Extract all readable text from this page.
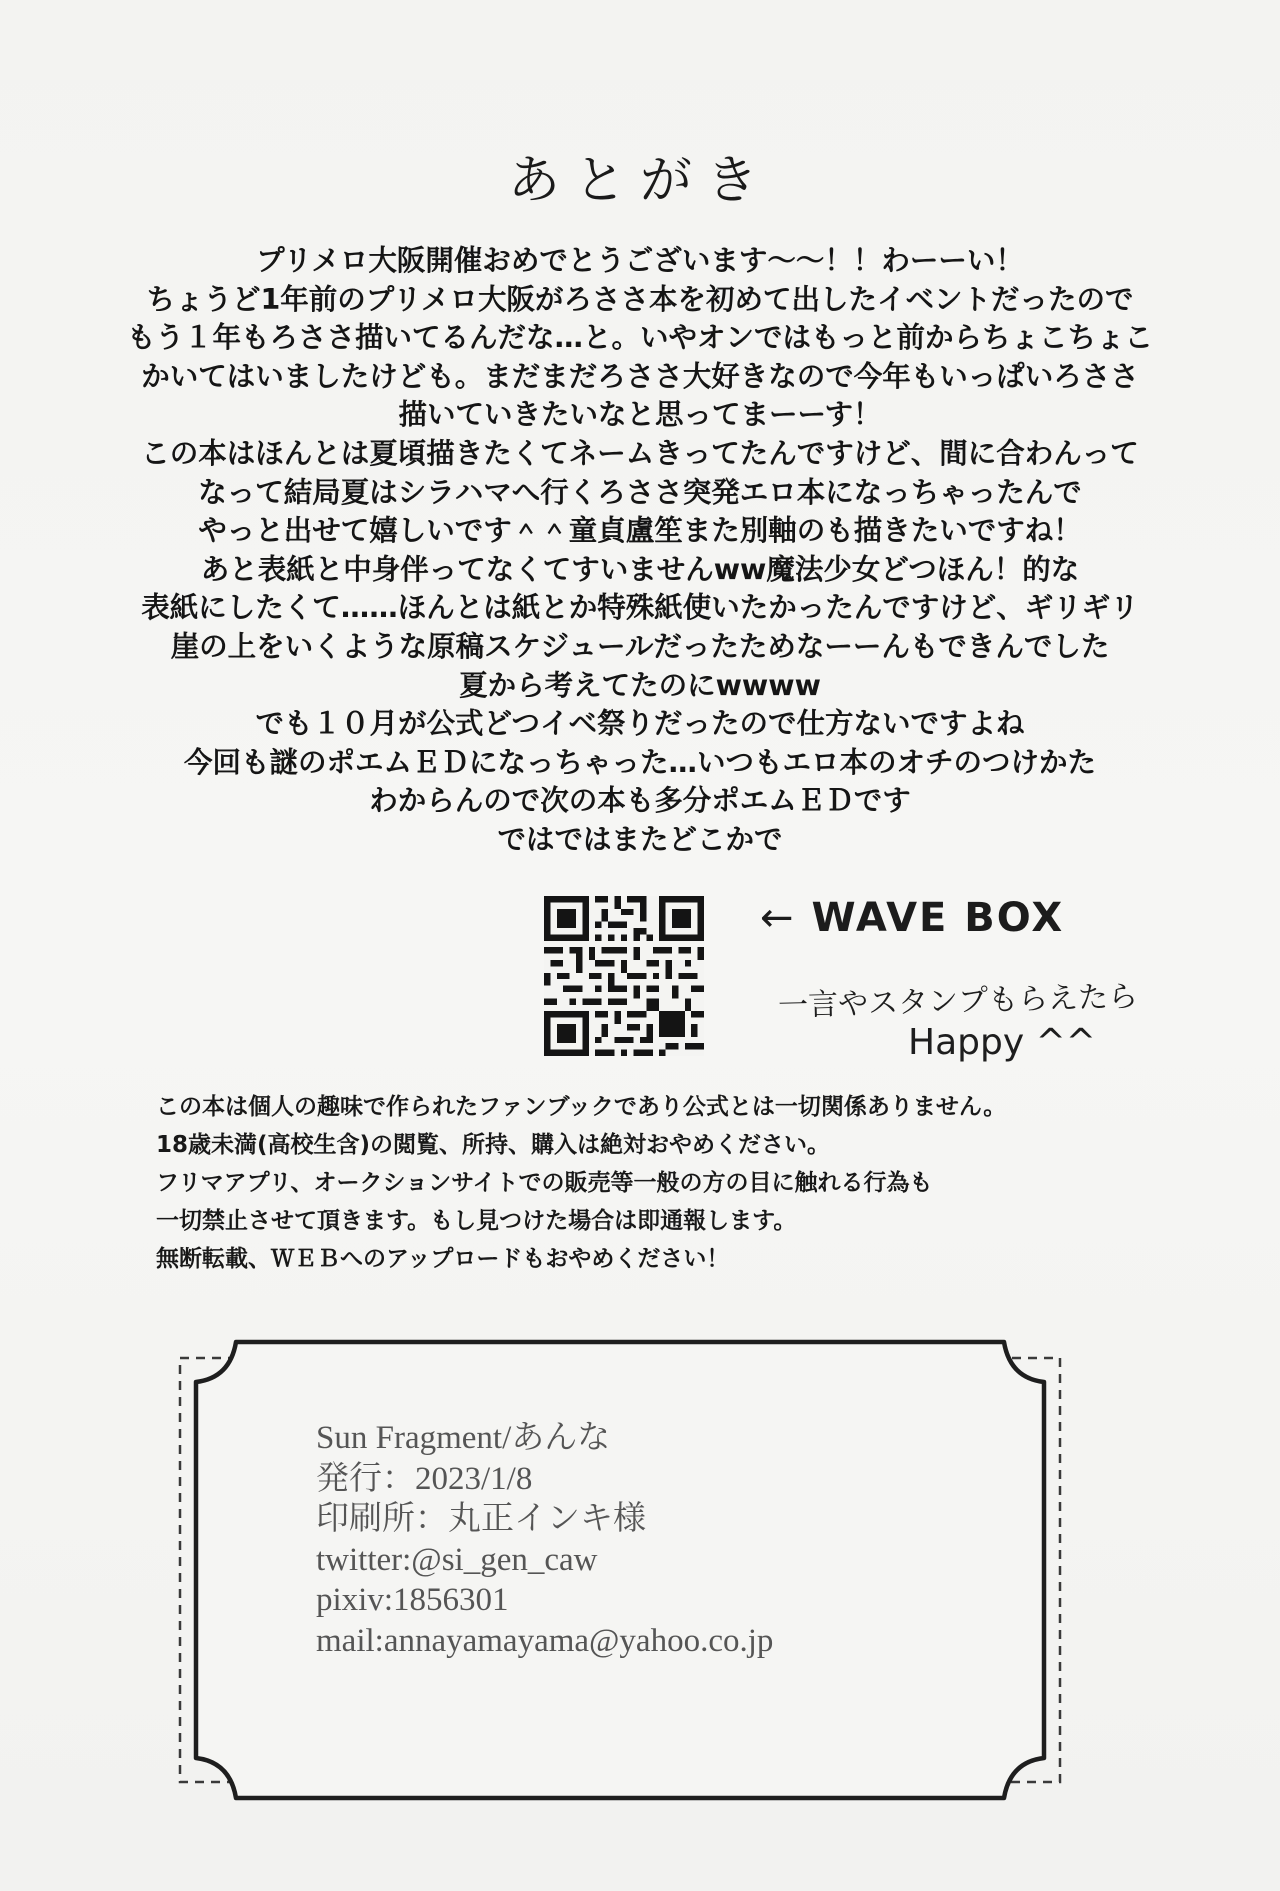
あとがき
プリメロ大阪開催おめでとうございます〜〜！！わーーい！
ちょうど1年前のプリメロ大阪がろささ本を初めて出したイベントだったので
もう１年もろささ描いてるんだな…と。いやオンではもっと前からちょこちょこ
かいてはいましたけども。まだまだろささ大好きなので今年もいっぱいろささ
描いていきたいなと思ってまーーす！
この本はほんとは夏頃描きたくてネームきってたんですけど、間に合わんって
なって結局夏はシラハマへ行くろささ突発エロ本になっちゃったんで
やっと出せて嬉しいです＾＾童貞盧笙また別軸のも描きたいですね！
あと表紙と中身伴ってなくてすいませんww魔法少女どつほん！的な
表紙にしたくて……ほんとは紙とか特殊紙使いたかったんですけど、ギリギリ
崖の上をいくような原稿スケジュールだったためなーーんもできんでした
夏から考えてたのにwwww
でも１０月が公式どつイベ祭りだったので仕方ないですよね
今回も謎のポエムＥＤになっちゃった…いつもエロ本のオチのつけかた
わからんので次の本も多分ポエムＥＤです
ではではまたどこかで
← WAVE BOX
一言やスタンプもらえたら
Happy ^^
この本は個人の趣味で作られたファンブックであり公式とは一切関係ありません。
18歳未満(高校生含)の閲覧、所持、購入は絶対おやめください。
フリマアプリ、オークションサイトでの販売等一般の方の目に触れる行為も
一切禁止させて頂きます。もし見つけた場合は即通報します。
無断転載、ＷＥＢへのアップロードもおやめください！
Sun Fragment/あんな
発行：2023/1/8
印刷所：丸正インキ様
twitter:@si_gen_caw
pixiv:1856301
mail:annayamayama@yahoo.co.jp
